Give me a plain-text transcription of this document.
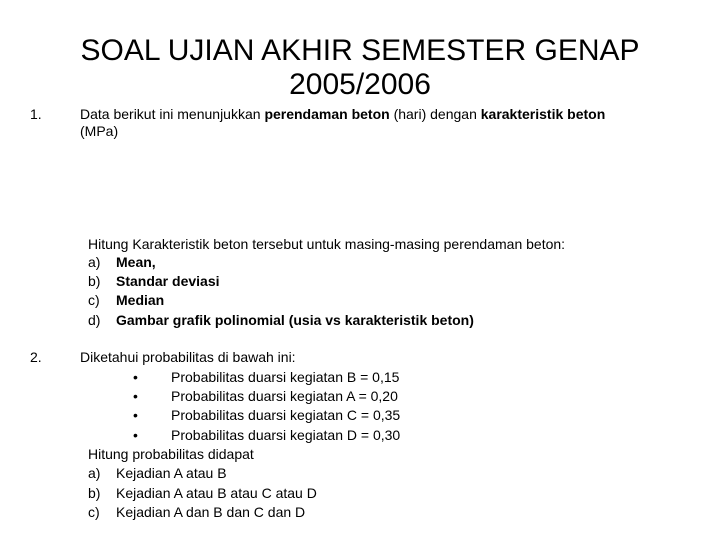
SOAL UJIAN AKHIR SEMESTER GENAP
2005/2006
1.	Data berikut ini menunjukkan perendaman beton (hari) dengan karakteristik beton
(MPa)
Hitung Karakteristik beton tersebut untuk masing-masing perendaman beton:
a) Mean,
b) Standar deviasi
c) Median
d) Gambar grafik polinomial (usia vs karakteristik beton)
2.	Diketahui probabilitas di bawah ini:
• Probabilitas duarsi kegiatan B = 0,15
• Probabilitas duarsi kegiatan A = 0,20
• Probabilitas duarsi kegiatan C = 0,35
• Probabilitas duarsi kegiatan D = 0,30
Hitung probabilitas didapat
a) Kejadian A atau B
b) Kejadian A atau B atau C atau D
c) Kejadian A dan B dan C dan D
